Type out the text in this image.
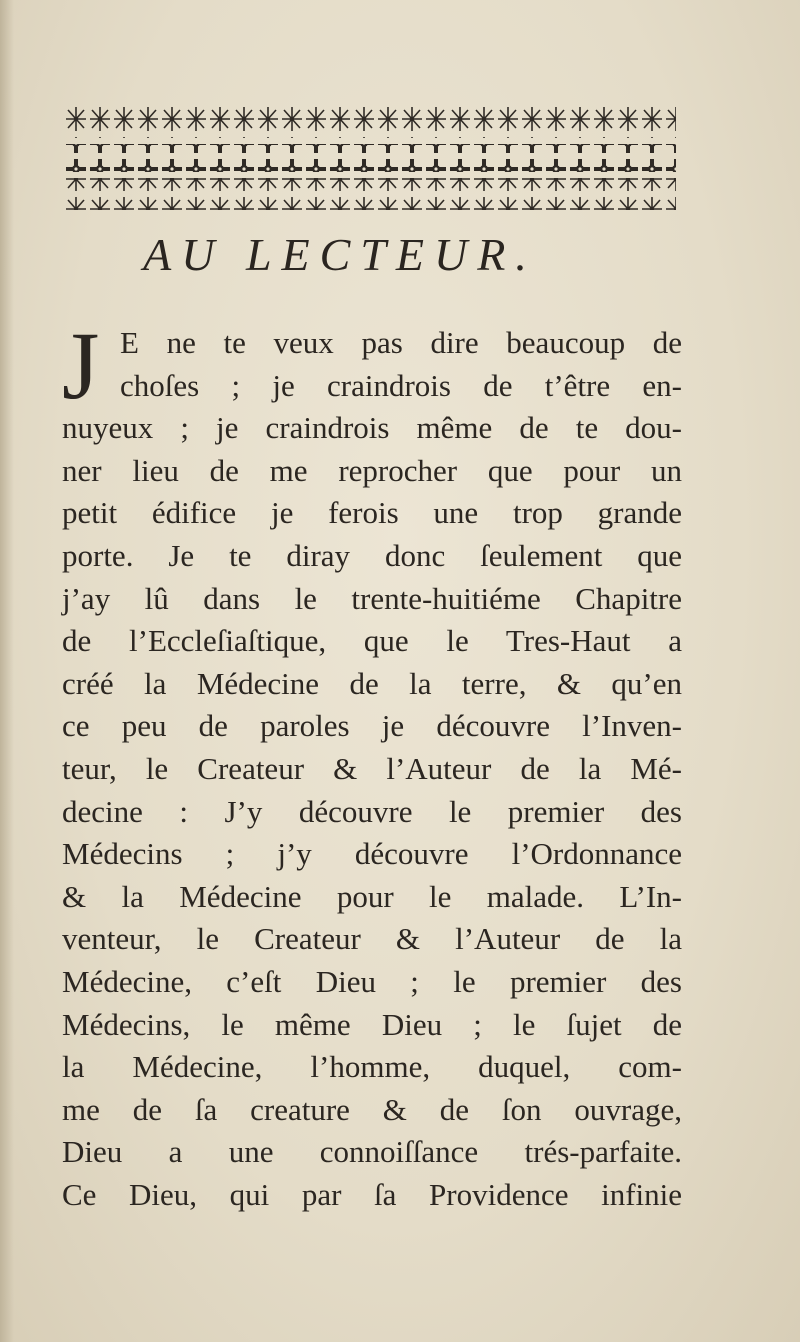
AU LECTEUR.
J E ne te veux pas dire beaucoup de
choſes ; je craindrois de t’être en-
nuyeux ; je craindrois même de te dou-
ner lieu de me reprocher que pour un
petit édifice je ferois une trop grande
porte. Je te diray donc ſeulement que
j’ay lû dans le trente-huitiéme Chapitre
de l’Eccleſiaſtique, que le Tres-Haut a
créé la Médecine de la terre, & qu’en
ce peu de paroles je découvre l’Inven-
teur, le Createur & l’Auteur de la Mé-
decine : J’y découvre le premier des
Médecins ; j’y découvre l’Ordonnance
& la Médecine pour le malade. L’In-
venteur, le Createur & l’Auteur de la
Médecine, c’eſt Dieu ; le premier des
Médecins, le même Dieu ; le ſujet de
la Médecine, l’homme, duquel, com-
me de ſa creature & de ſon ouvrage,
Dieu a une connoiſſance trés-parfaite.
Ce Dieu, qui par ſa Providence infinie
